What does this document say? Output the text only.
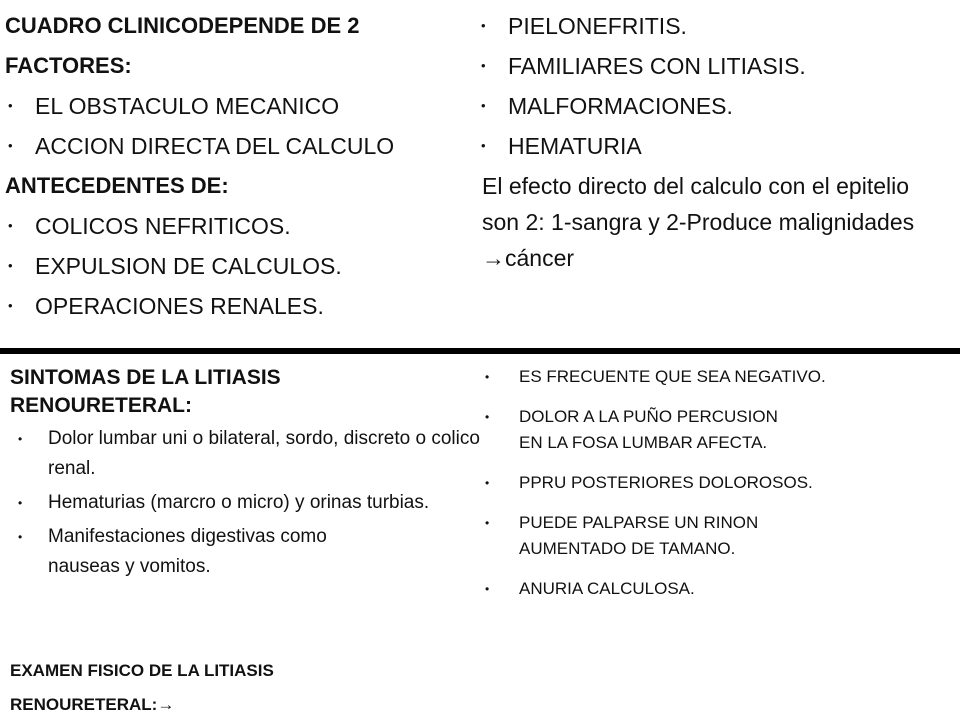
CUADRO CLINICODEPENDE DE 2 FACTORES:
• EL OBSTACULO MECANICO
• ACCION DIRECTA DEL CALCULO
ANTECEDENTES DE:
• COLICOS NEFRITICOS.
• EXPULSION DE CALCULOS.
• OPERACIONES RENALES.
• PIELONEFRITIS.
• FAMILIARES CON LITIASIS.
• MALFORMACIONES.
• HEMATURIA
El efecto directo del calculo con el epitelio son 2: 1-sangra y 2-Produce malignidades →cáncer
SINTOMAS DE LA LITIASIS RENOURETERAL:
• Dolor lumbar uni o bilateral, sordo, discreto o colico renal.
• Hematurias (marcro o micro) y orinas turbias.
• Manifestaciones digestivas como nauseas y vomitos.
EXAMEN FISICO DE LA LITIASIS RENOURETERAL:→
• ES FRECUENTE QUE SEA NEGATIVO.
• DOLOR A LA PUÑO PERCUSION EN LA FOSA LUMBAR AFECTA.
• PPRU POSTERIORES DOLOROSOS.
• PUEDE PALPARSE UN RINON AUMENTADO DE TAMANO.
• ANURIA CALCULOSA.
